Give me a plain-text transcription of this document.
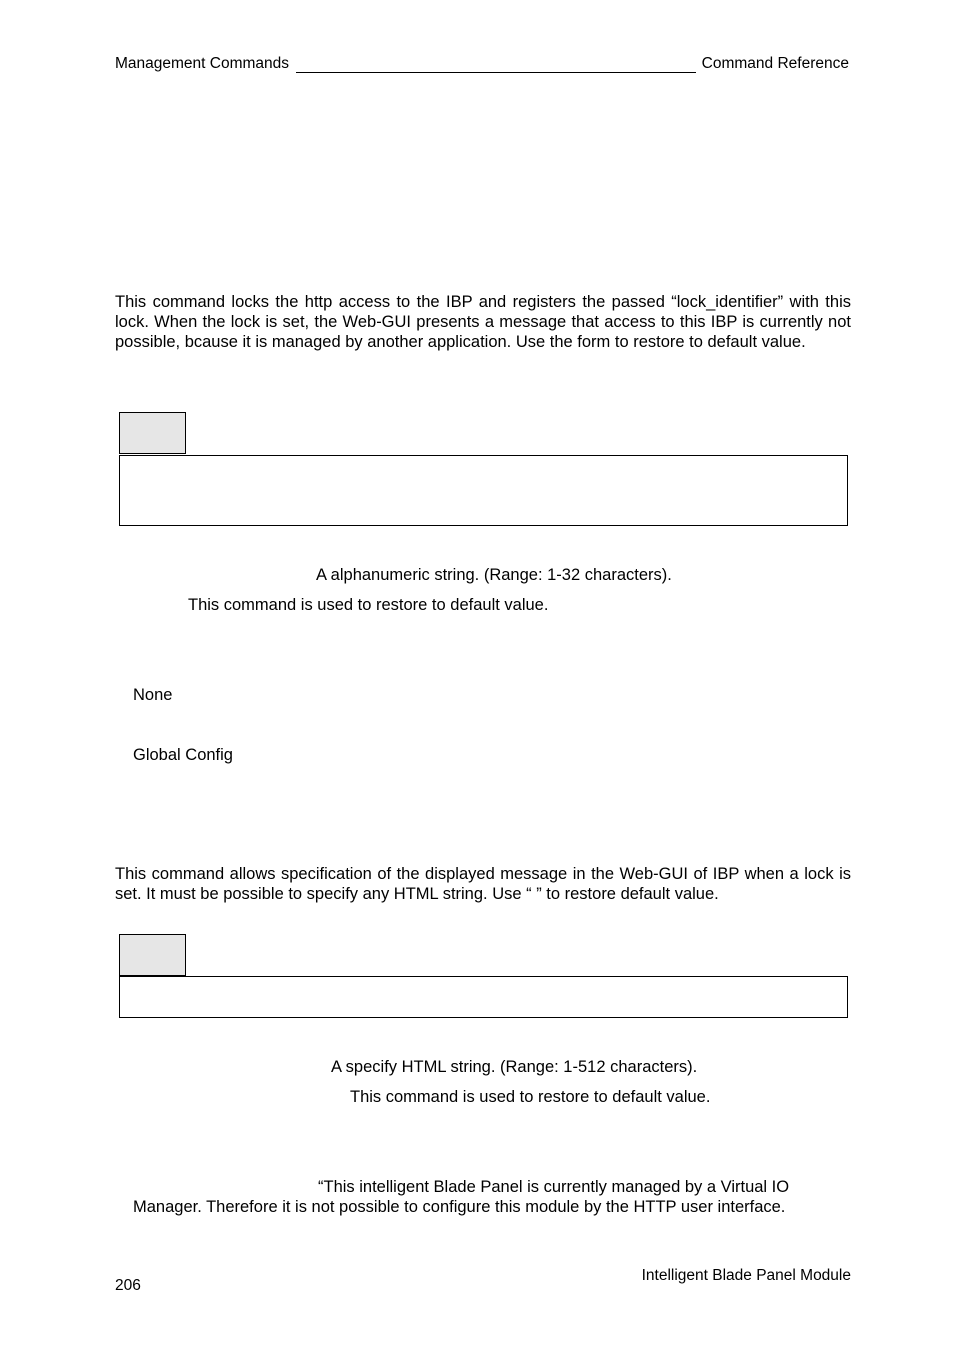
Management Commands	Command Reference
This command locks the http access to the IBP and registers the passed “lock_identifier” with this lock. When the lock is set, the Web-GUI presents a message that access to this IBP is currently not possible, bcause it is managed by another application. Use the form to restore to default value.
A alphanumeric string. (Range: 1-32 characters).
This command is used to restore to default value.
None
Global Config
This command allows specification of the displayed message in the Web-GUI of IBP when a lock is set. It must be possible to specify any HTML string. Use “ ” to restore default value.
A specify HTML string. (Range: 1-512 characters).
This command is used to restore to default value.
“This intelligent Blade Panel is currently managed by a Virtual IO
Manager. Therefore it is not possible to configure this module by the HTTP user interface.
206
Intelligent Blade Panel Module
